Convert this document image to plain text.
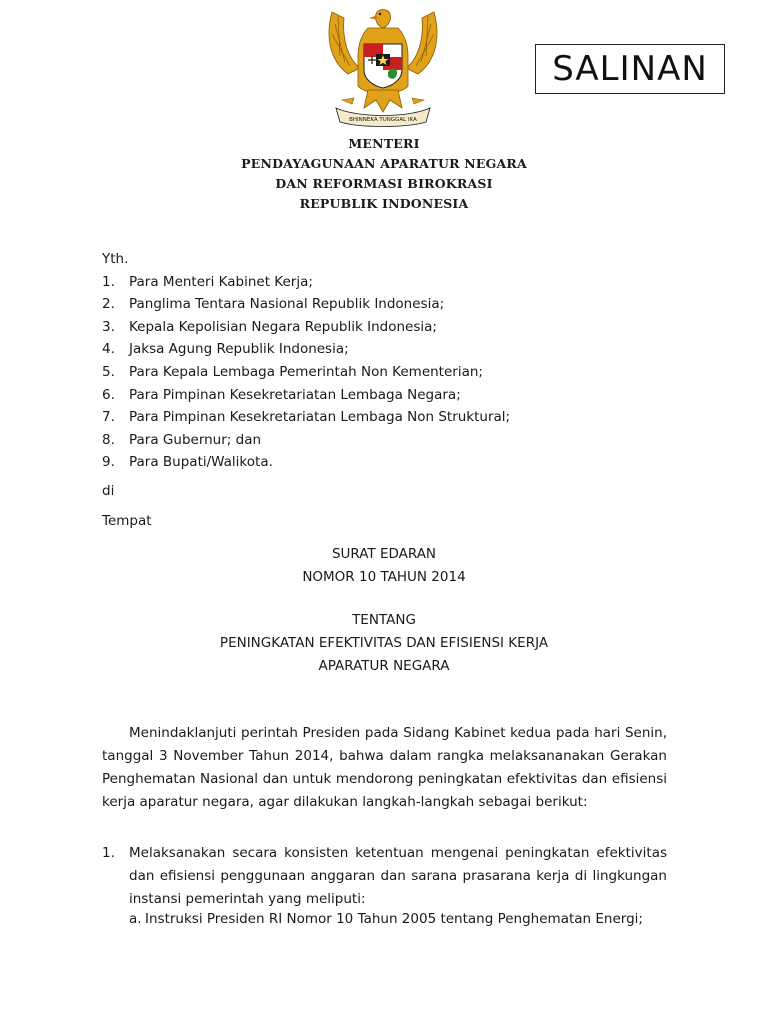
BHINNEKA TUNGGAL IKA
SALINAN
MENTERI
PENDAYAGUNAAN APARATUR NEGARA
DAN REFORMASI BIROKRASI
REPUBLIK INDONESIA
Yth.
1.	Para Menteri Kabinet Kerja;
2.	Panglima Tentara Nasional Republik Indonesia;
3.	Kepala Kepolisian Negara Republik Indonesia;
4.	Jaksa Agung Republik Indonesia;
5.	Para Kepala Lembaga Pemerintah Non Kementerian;
6.	Para Pimpinan Kesekretariatan Lembaga Negara;
7.	Para Pimpinan Kesekretariatan Lembaga Non Struktural;
8.	Para Gubernur; dan
9.	Para Bupati/Walikota.
di
Tempat
SURAT EDARAN
NOMOR 10 TAHUN 2014
TENTANG
PENINGKATAN EFEKTIVITAS DAN EFISIENSI KERJA
APARATUR NEGARA
Menindaklanjuti perintah Presiden pada Sidang Kabinet kedua pada hari Senin, tanggal 3 November Tahun 2014, bahwa dalam rangka melaksananakan Gerakan Penghematan Nasional dan untuk mendorong peningkatan efektivitas dan efisiensi kerja aparatur negara, agar dilakukan langkah-langkah sebagai berikut:
1.	Melaksanakan secara konsisten ketentuan mengenai peningkatan efektivitas dan efisiensi penggunaan anggaran dan sarana prasarana kerja di lingkungan instansi pemerintah yang meliputi:
a. Instruksi Presiden RI Nomor 10 Tahun 2005 tentang Penghematan Energi;
